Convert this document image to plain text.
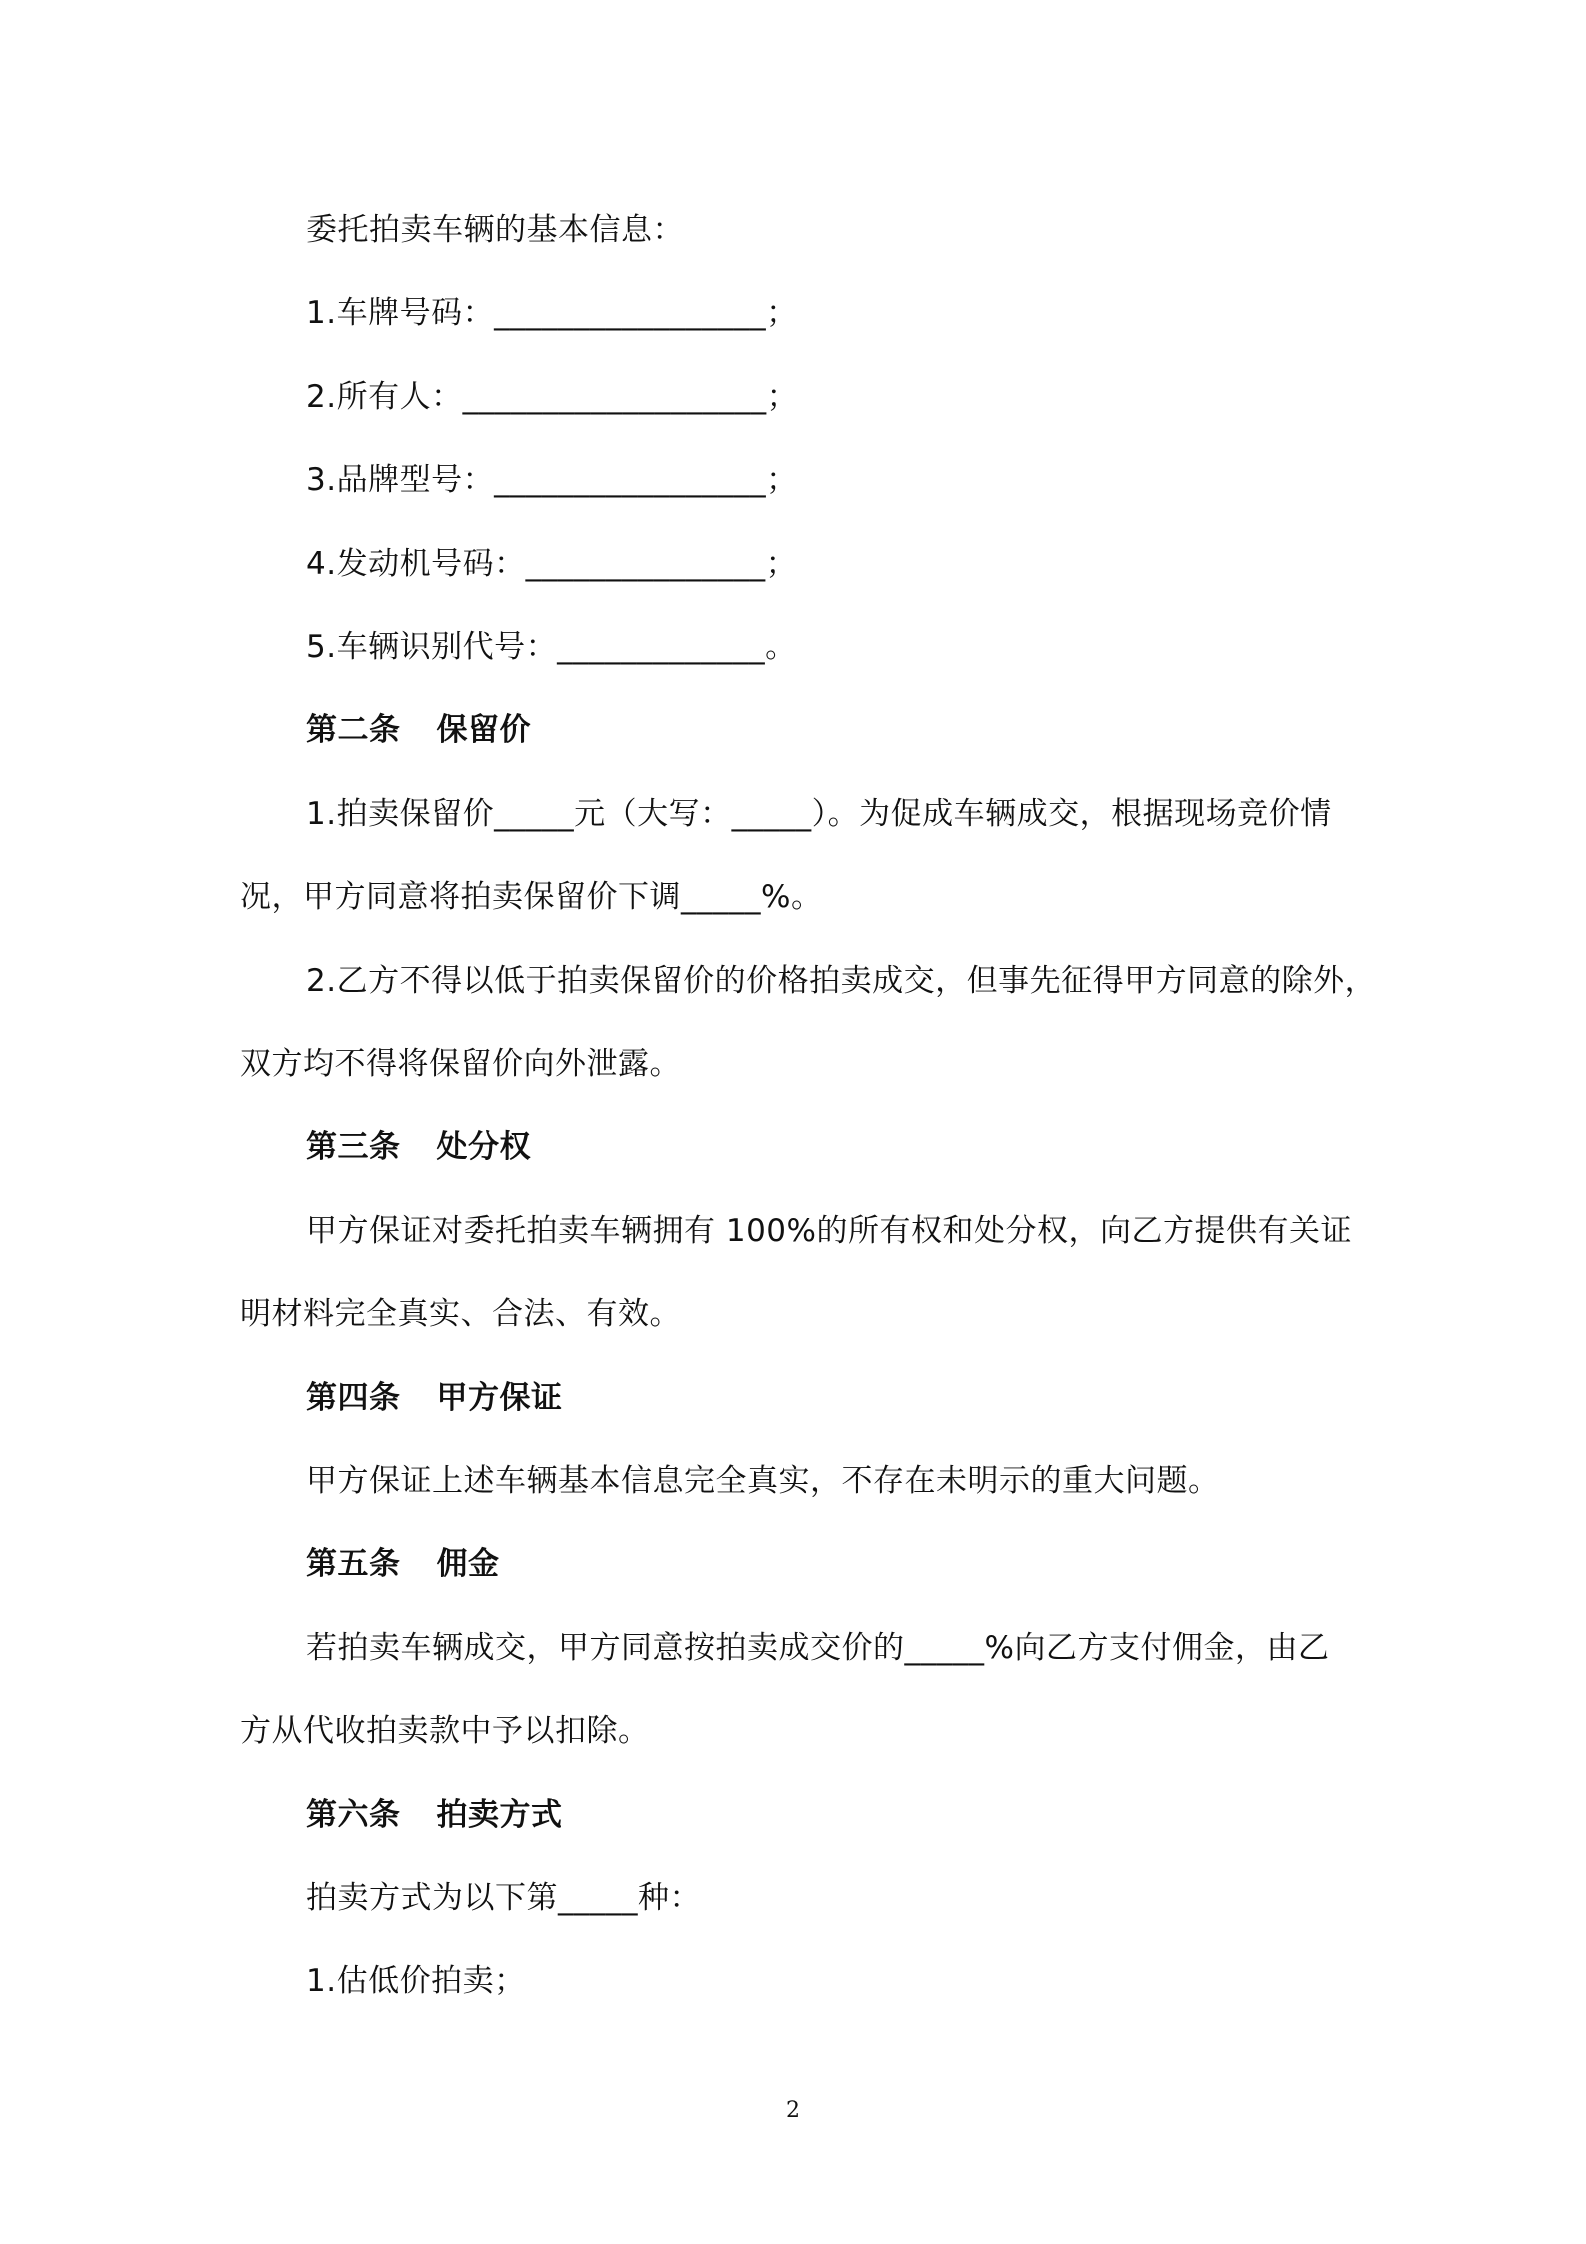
委托拍卖车辆的基本信息：
1.车牌号码：_________________；
2.所有人：___________________；
3.品牌型号：_________________；
4.发动机号码：_______________；
5.车辆识别代号：_____________。
第二条 保留价
1.拍卖保留价_____元（大写：_____）。为促成车辆成交，根据现场竞价情
况，甲方同意将拍卖保留价下调_____%。
2.乙方不得以低于拍卖保留价的价格拍卖成交，但事先征得甲方同意的除外，
双方均不得将保留价向外泄露。
第三条 处分权
甲方保证对委托拍卖车辆拥有 100%的所有权和处分权，向乙方提供有关证
明材料完全真实、合法、有效。
第四条 甲方保证
甲方保证上述车辆基本信息完全真实，不存在未明示的重大问题。
第五条 佣金
若拍卖车辆成交，甲方同意按拍卖成交价的_____%向乙方支付佣金，由乙
方从代收拍卖款中予以扣除。
第六条 拍卖方式
拍卖方式为以下第_____种：
1.估低价拍卖；
2
